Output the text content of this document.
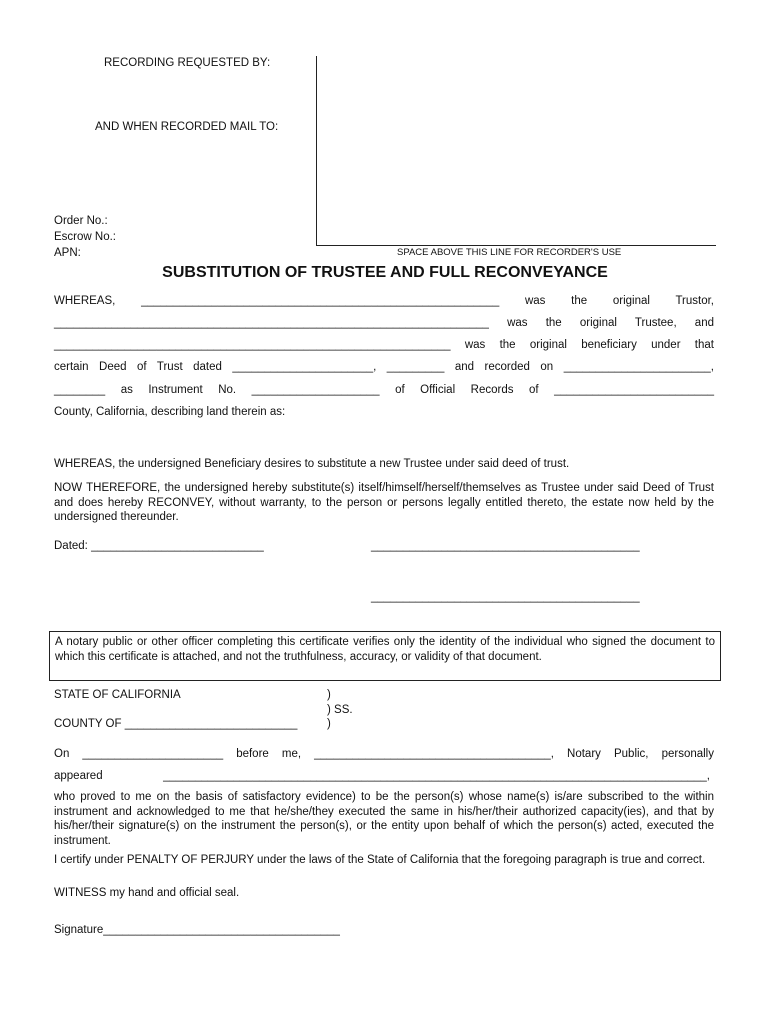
RECORDING REQUESTED BY:

AND WHEN RECORDED MAIL TO:

Order No.:

Escrow No.:

APN:	SPACE ABOVE THIS LINE FOR RECORDER'S USE

SUBSTITUTION OF TRUSTEE AND FULL RECONVEYANCE

WHEREAS, ________________________________________________________ was the original Trustor,

____________________________________________________________________ was the original Trustee, and

______________________________________________________________ was the original beneficiary under that

certain Deed of Trust dated ______________________, _________ and recorded on _______________________,

________ as Instrument No. ____________________ of Official Records of _________________________

County, California, describing land therein as:

WHEREAS, the undersigned Beneficiary desires to substitute a new Trustee under said deed of trust.

NOW THEREFORE, the undersigned hereby substitute(s) itself/himself/herself/themselves as Trustee under said Deed of Trust and does hereby RECONVEY, without warranty, to the person or persons legally entitled thereto, the estate now held by the undersigned thereunder.

Dated: ___________________________	__________________________________________

__________________________________________

A notary public or other officer completing this certificate verifies only the identity of the individual who signed the document to which this certificate is attached, and not the truthfulness, accuracy, or validity of that document.

STATE OF CALIFORNIA	)

) SS.

COUNTY OF ___________________________	)

On ______________________ before me, _____________________________________, Notary Public, personally

appeared _____________________________________________________________________________________,

who proved to me on the basis of satisfactory evidence) to be the person(s) whose name(s) is/are subscribed to the within instrument and acknowledged to me that he/she/they executed the same in his/her/their authorized capacity(ies), and that by his/her/their signature(s) on the instrument the person(s), or the entity upon behalf of which the person(s) acted, executed the instrument.

I certify under PENALTY OF PERJURY under the laws of the State of California that the foregoing paragraph is true and correct.

WITNESS my hand and official seal.

Signature_____________________________________
